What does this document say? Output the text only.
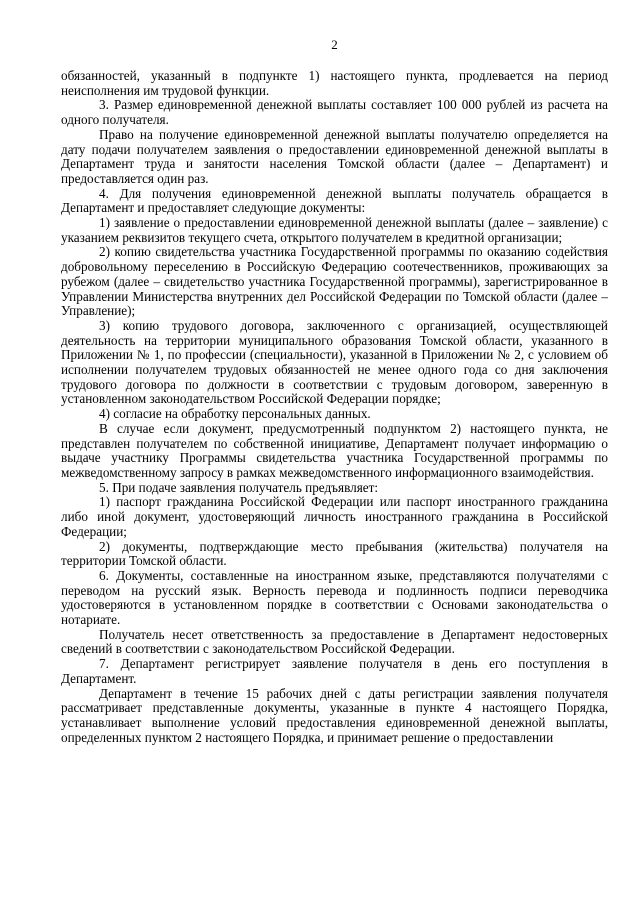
2

обязанностей, указанный в подпункте 1) настоящего пункта, продлевается на период неисполнения им трудовой функции.

3. Размер единовременной денежной выплаты составляет 100 000 рублей из расчета на одного получателя.

Право на получение единовременной денежной выплаты получателю определяется на дату подачи получателем заявления о предоставлении единовременной денежной выплаты в Департамент труда и занятости населения Томской области (далее – Департамент) и предоставляется один раз.

4. Для получения единовременной денежной выплаты получатель обращается в Департамент и предоставляет следующие документы:

1) заявление о предоставлении единовременной денежной выплаты (далее – заявление) с указанием реквизитов текущего счета, открытого получателем в кредитной организации;

2) копию свидетельства участника Государственной программы по оказанию содействия добровольному переселению в Российскую Федерацию соотечественников, проживающих за рубежом (далее – свидетельство участника Государственной программы), зарегистрированное в Управлении Министерства внутренних дел Российской Федерации по Томской области (далее – Управление);

3) копию трудового договора, заключенного с организацией, осуществляющей деятельность на территории муниципального образования Томской области, указанного в Приложении № 1, по профессии (специальности), указанной в Приложении № 2, с условием об исполнении получателем трудовых обязанностей не менее одного года со дня заключения трудового договора по должности в соответствии с трудовым договором, заверенную в установленном законодательством Российской Федерации порядке;

4) согласие на обработку персональных данных.

В случае если документ, предусмотренный подпунктом 2) настоящего пункта, не представлен получателем по собственной инициативе, Департамент получает информацию о выдаче участнику Программы свидетельства участника Государственной программы по межведомственному запросу в рамках межведомственного информационного взаимодействия.

5. При подаче заявления получатель предъявляет:

1) паспорт гражданина Российской Федерации или паспорт иностранного гражданина либо иной документ, удостоверяющий личность иностранного гражданина в Российской Федерации;

2) документы, подтверждающие место пребывания (жительства) получателя на территории Томской области.

6. Документы, составленные на иностранном языке, представляются получателями с переводом на русский язык. Верность перевода и подлинность подписи переводчика удостоверяются в установленном порядке в соответствии с Основами законодательства о нотариате.

Получатель несет ответственность за предоставление в Департамент недостоверных сведений в соответствии с законодательством Российской Федерации.

7. Департамент регистрирует заявление получателя в день его поступления в Департамент.

Департамент в течение 15 рабочих дней с даты регистрации заявления получателя рассматривает представленные документы, указанные в пункте 4 настоящего Порядка, устанавливает выполнение условий предоставления единовременной денежной выплаты, определенных пунктом 2 настоящего Порядка, и принимает решение о предоставлении
